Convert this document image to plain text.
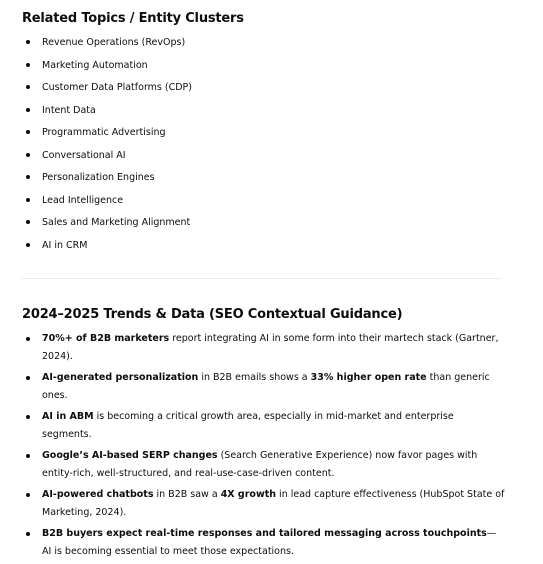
Related Topics / Entity Clusters
Revenue Operations (RevOps)
Marketing Automation
Customer Data Platforms (CDP)
Intent Data
Programmatic Advertising
Conversational AI
Personalization Engines
Lead Intelligence
Sales and Marketing Alignment
AI in CRM
2024–2025 Trends & Data (SEO Contextual Guidance)
70%+ of B2B marketers report integrating AI in some form into their martech stack (Gartner, 2024).
AI-generated personalization in B2B emails shows a 33% higher open rate than generic ones.
AI in ABM is becoming a critical growth area, especially in mid-market and enterprise segments.
Google’s AI-based SERP changes (Search Generative Experience) now favor pages with entity-rich, well-structured, and real-use-case-driven content.
AI-powered chatbots in B2B saw a 4X growth in lead capture effectiveness (HubSpot State of Marketing, 2024).
B2B buyers expect real-time responses and tailored messaging across touchpoints—AI is becoming essential to meet those expectations.
